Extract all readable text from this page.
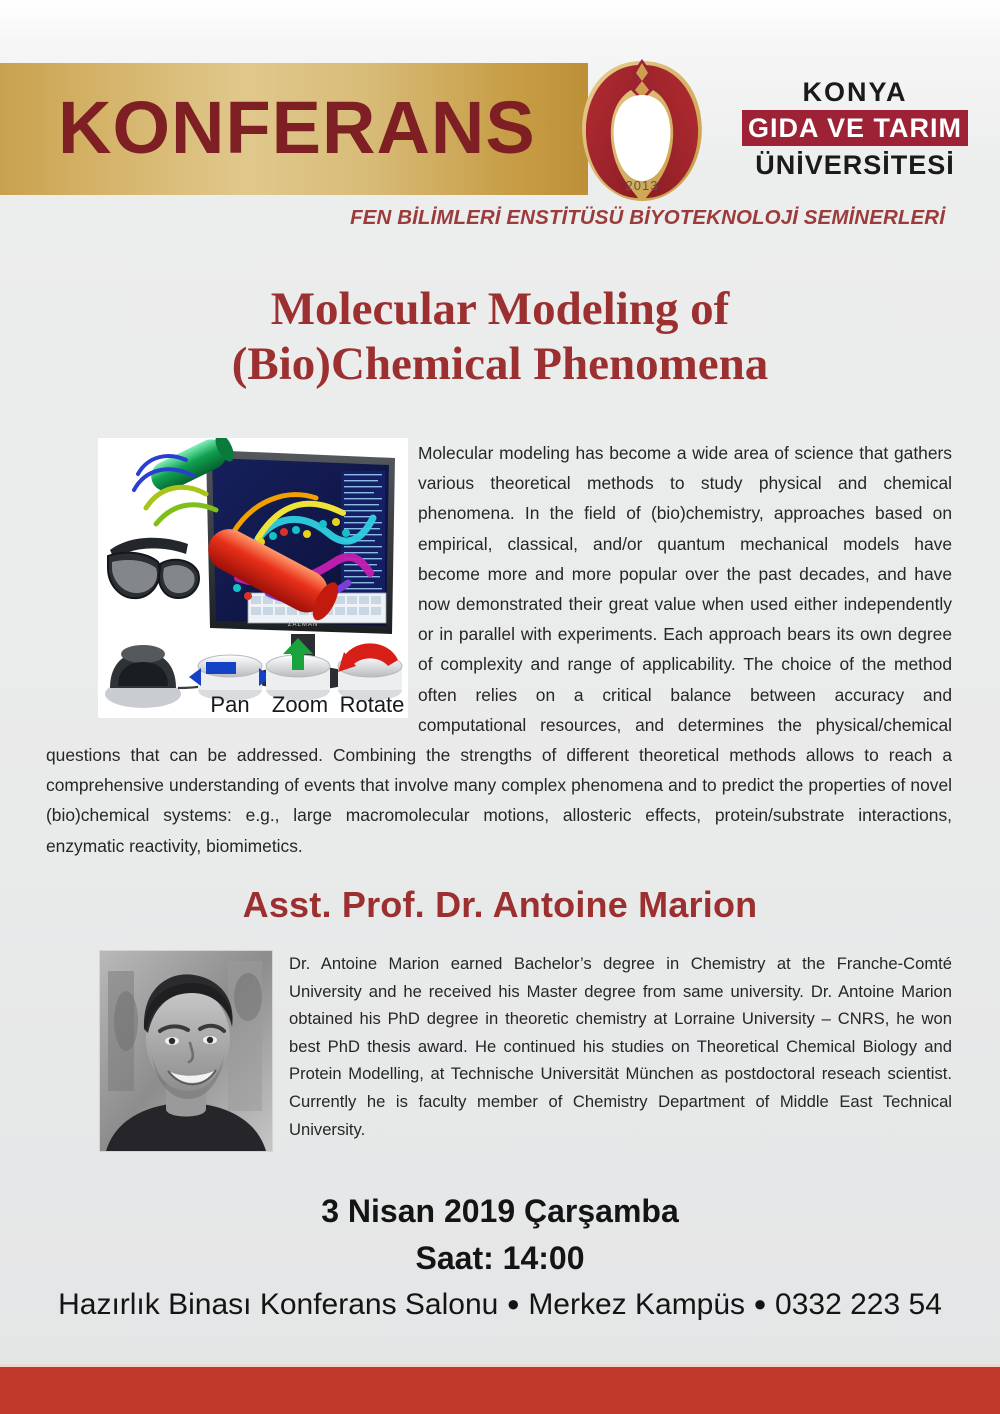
KONFERANS
2013
KONYA
GIDA VE TARIM
ÜNİVERSİTESİ
FEN BİLİMLERİ ENSTİTÜSÜ BİYOTEKNOLOJİ SEMİNERLERİ
Molecular Modeling of
(Bio)Chemical Phenomena
ZALMAN
Pan Zoom Rotate
Molecular modeling has become a wide area of science that gathers various theoretical methods to study physical and chemical phenomena. In the field of (bio)chemistry, approaches based on empirical, classical, and/or quantum mechanical models have become more and more popular over the past decades, and have now demonstrated their great value when used either independently or in parallel with experiments. Each approach bears its own degree of complexity and range of applicability. The choice of the method often relies on a critical balance between accuracy and computational resources, and determines the physical/chemical questions that can be addressed. Combining the strengths of different theoretical methods allows to reach a comprehensive understanding of events that involve many complex phenomena and to predict the properties of novel (bio)chemical systems: e.g., large macromolecular motions, allosteric effects, protein/substrate interactions, enzymatic reactivity, biomimetics.
Asst. Prof. Dr. Antoine Marion
Dr. Antoine Marion earned Bachelor’s degree in Chemistry at the Franche-Comté University and he received his Master degree from same university. Dr. Antoine Marion obtained his PhD degree in theoretic chemistry at Lorraine University – CNRS, he won best PhD thesis award. He continued his studies on Theoretical Chemical Biology and Protein Modelling, at Technische Universität München as postdoctoral reseach scientist. Currently he is faculty member of Chemistry Department of Middle East Technical University.
3 Nisan 2019 Çarşamba
Saat: 14:00
Hazırlık Binası Konferans Salonu ● Merkez Kampüs ● 0332 223 54
